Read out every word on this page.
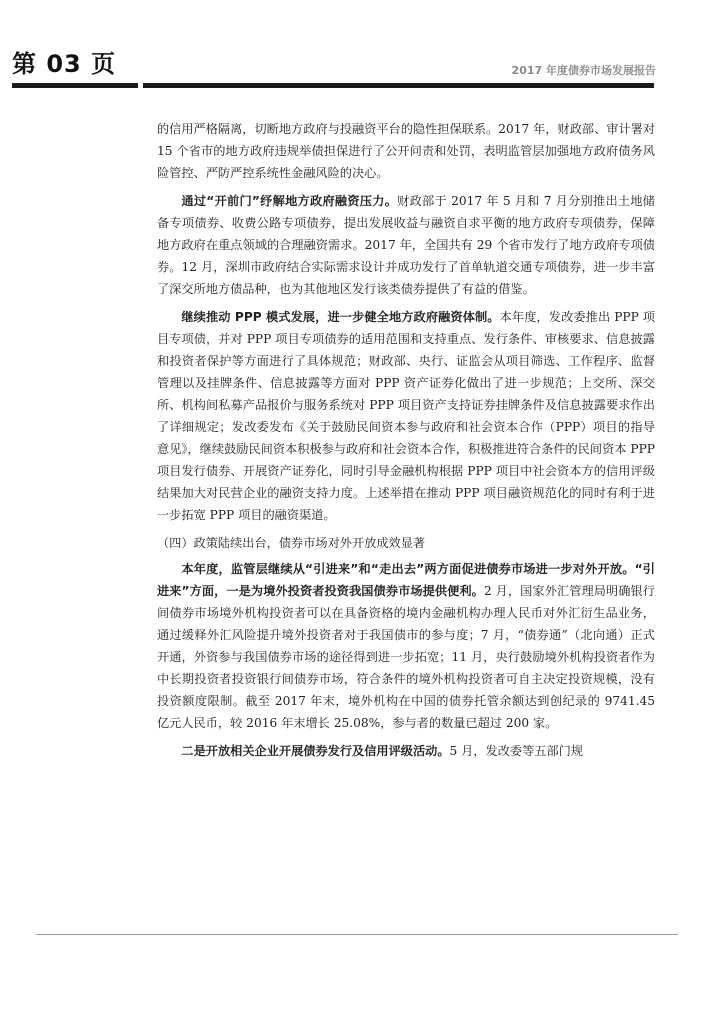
第 03 页	2017 年度债券市场发展报告

的信用严格隔离，切断地方政府与投融资平台的隐性担保联系。2017 年，财政部、审计署对 15 个省市的地方政府违规举债担保进行了公开问责和处罚，表明监管层加强地方政府债务风险管控、严防严控系统性金融风险的决心。

通过“开前门”纾解地方政府融资压力。财政部于 2017 年 5 月和 7 月分别推出土地储备专项债券、收费公路专项债券，提出发展收益与融资自求平衡的地方政府专项债券，保障地方政府在重点领域的合理融资需求。2017 年，全国共有 29 个省市发行了地方政府专项债券。12 月，深圳市政府结合实际需求设计并成功发行了首单轨道交通专项债券，进一步丰富了深交所地方债品种，也为其他地区发行该类债券提供了有益的借鉴。

继续推动 PPP 模式发展，进一步健全地方政府融资体制。本年度，发改委推出 PPP 项目专项债，并对 PPP 项目专项债券的适用范围和支持重点、发行条件、审核要求、信息披露和投资者保护等方面进行了具体规范；财政部、央行、证监会从项目筛选、工作程序、监督管理以及挂牌条件、信息披露等方面对 PPP 资产证券化做出了进一步规范；上交所、深交所、机构间私募产品报价与服务系统对 PPP 项目资产支持证券挂牌条件及信息披露要求作出了详细规定；发改委发布《关于鼓励民间资本参与政府和社会资本合作（PPP）项目的指导意见》，继续鼓励民间资本积极参与政府和社会资本合作，积极推进符合条件的民间资本 PPP 项目发行债券、开展资产证券化，同时引导金融机构根据 PPP 项目中社会资本方的信用评级结果加大对民营企业的融资支持力度。上述举措在推动 PPP 项目融资规范化的同时有利于进一步拓宽 PPP 项目的融资渠道。

（四）政策陆续出台，债券市场对外开放成效显著

本年度，监管层继续从“引进来”和“走出去”两方面促进债券市场进一步对外开放。“引进来”方面，一是为境外投资者投资我国债券市场提供便利。2 月，国家外汇管理局明确银行间债券市场境外机构投资者可以在具备资格的境内金融机构办理人民币对外汇衍生品业务，通过缓释外汇风险提升境外投资者对于我国债市的参与度；7 月，“债券通”（北向通）正式开通，外资参与我国债券市场的途径得到进一步拓宽；11 月，央行鼓励境外机构投资者作为中长期投资者投资银行间债券市场，符合条件的境外机构投资者可自主决定投资规模，没有投资额度限制。截至 2017 年末，境外机构在中国的债券托管余额达到创纪录的 9741.45 亿元人民币，较 2016 年末增长 25.08%，参与者的数量已超过 200 家。

二是开放相关企业开展债券发行及信用评级活动。5 月，发改委等五部门规
